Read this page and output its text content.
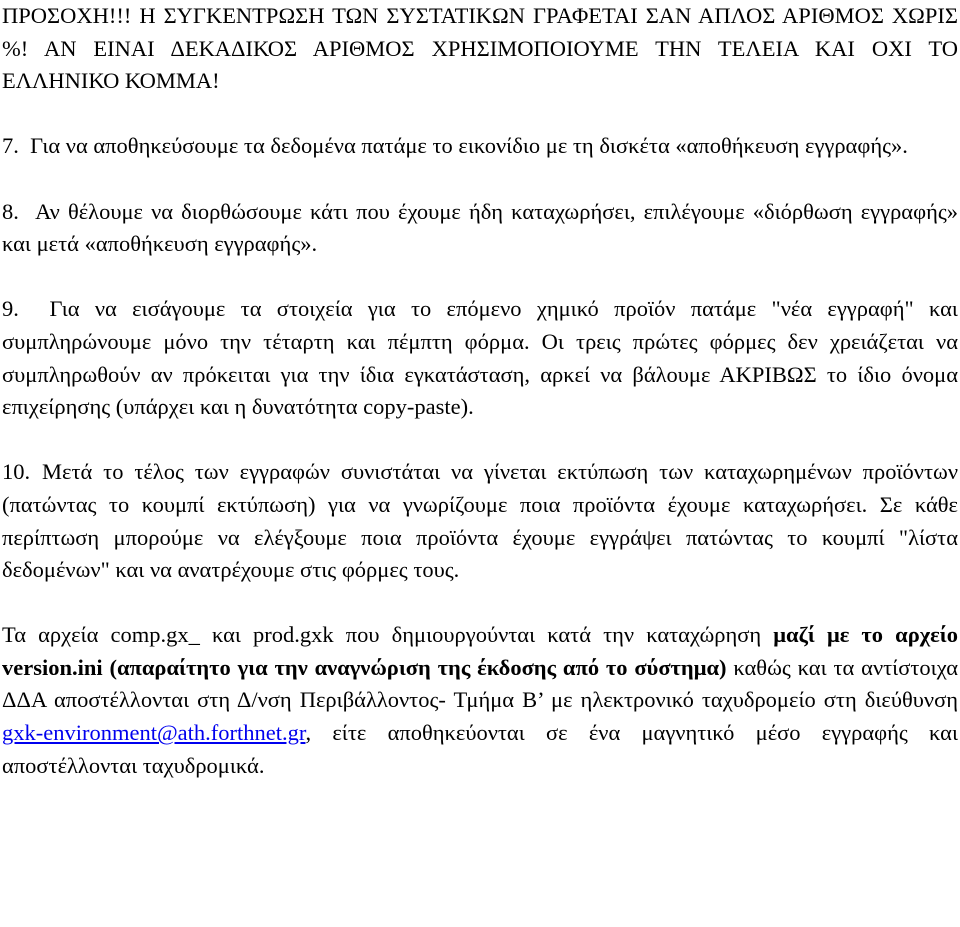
ΠΡΟΣΟΧΗ!!! Η ΣΥΓΚΕΝΤΡΩΣΗ ΤΩΝ ΣΥΣΤΑΤΙΚΩΝ ΓΡΑΦΕΤΑΙ ΣΑΝ ΑΠΛΟΣ ΑΡΙΘΜΟΣ ΧΩΡΙΣ %! ΑΝ ΕΙΝΑΙ ΔΕΚΑΔΙΚΟΣ ΑΡΙΘΜΟΣ ΧΡΗΣΙΜΟΠΟΙΟΥΜΕ ΤΗΝ ΤΕΛΕΙΑ ΚΑΙ ΟΧΙ ΤΟ ΕΛΛΗΝΙΚΟ ΚΟΜΜΑ!

7. Για να αποθηκεύσουμε τα δεδομένα πατάμε το εικονίδιο με τη δισκέτα «αποθήκευση εγγραφής».

8. Αν θέλουμε να διορθώσουμε κάτι που έχουμε ήδη καταχωρήσει, επιλέγουμε «διόρθωση εγγραφής» και μετά «αποθήκευση εγγραφής».

9. Για να εισάγουμε τα στοιχεία για το επόμενο χημικό προϊόν πατάμε "νέα εγγραφή" και συμπληρώνουμε μόνο την τέταρτη και πέμπτη φόρμα. Οι τρεις πρώτες φόρμες δεν χρειάζεται να συμπληρωθούν αν πρόκειται για την ίδια εγκατάσταση, αρκεί να βάλουμε ΑΚΡΙΒΩΣ το ίδιο όνομα επιχείρησης (υπάρχει και η δυνατότητα copy-paste).

10. Μετά το τέλος των εγγραφών συνιστάται να γίνεται εκτύπωση των καταχωρημένων προϊόντων (πατώντας το κουμπί εκτύπωση) για να γνωρίζουμε ποια προϊόντα έχουμε καταχωρήσει. Σε κάθε περίπτωση μπορούμε να ελέγξουμε ποια προϊόντα έχουμε εγγράψει πατώντας το κουμπί "λίστα δεδομένων" και να ανατρέχουμε στις φόρμες τους.

Τα αρχεία comp.gx_ και prod.gxk που δημιουργούνται κατά την καταχώρηση μαζί με το αρχείο version.ini (απαραίτητο για την αναγνώριση της έκδοσης από το σύστημα) καθώς και τα αντίστοιχα ΔΔΑ αποστέλλονται στη Δ/νση Περιβάλλοντος- Τμήμα Β’ με ηλεκτρονικό ταχυδρομείο στη διεύθυνση gxk-environment@ath.forthnet.gr, είτε αποθηκεύονται σε ένα μαγνητικό μέσο εγγραφής και αποστέλλονται ταχυδρομικά.
